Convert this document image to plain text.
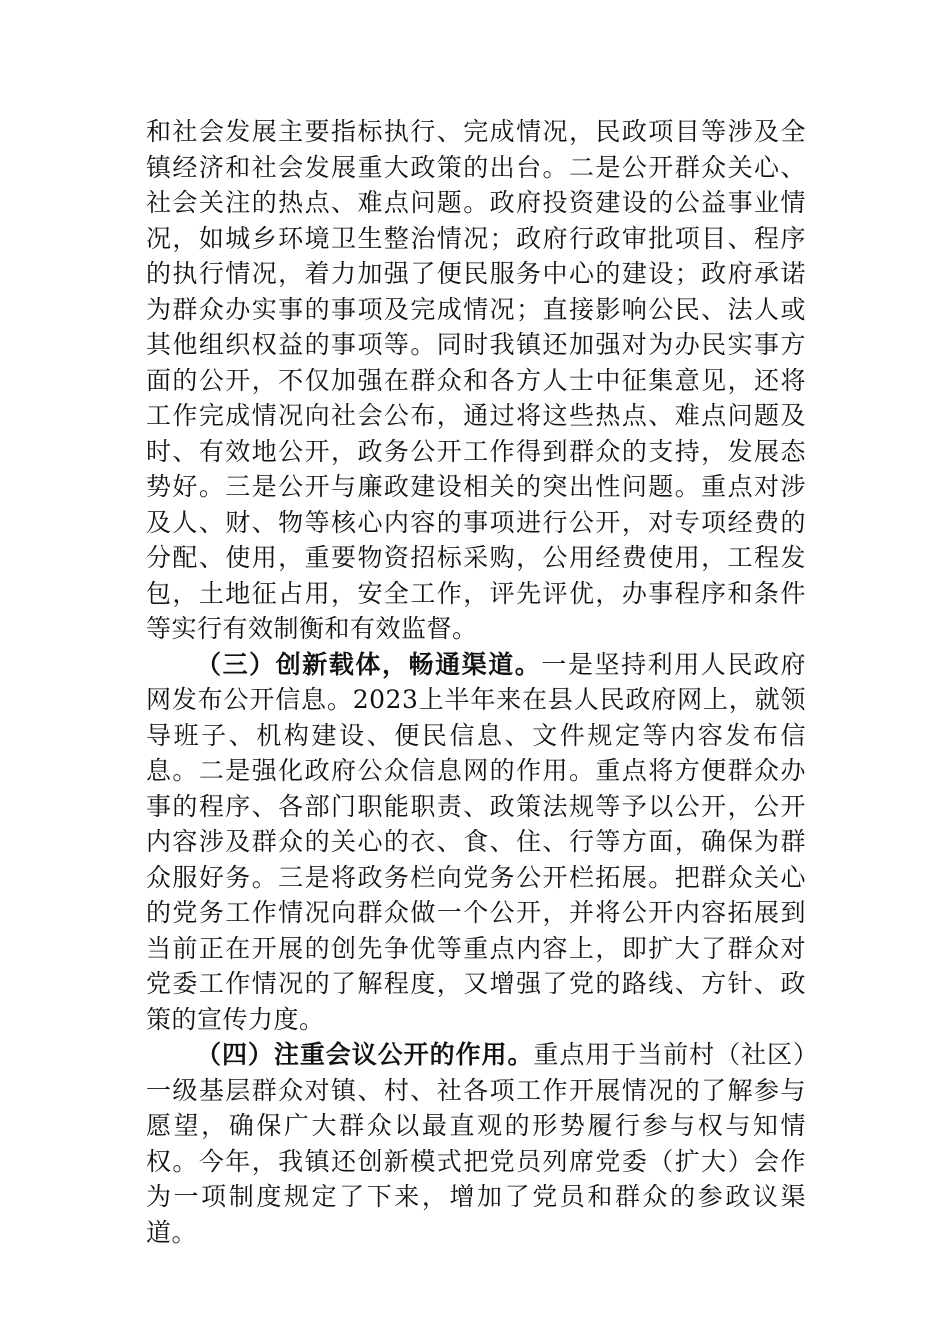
和社会发展主要指标执行、完成情况，民政项目等涉及全镇经济和社会发展重大政策的出台。二是公开群众关心、社会关注的热点、难点问题。政府投资建设的公益事业情况，如城乡环境卫生整治情况；政府行政审批项目、程序的执行情况，着力加强了便民服务中心的建设；政府承诺为群众办实事的事项及完成情况；直接影响公民、法人或其他组织权益的事项等。同时我镇还加强对为办民实事方面的公开，不仅加强在群众和各方人士中征集意见，还将工作完成情况向社会公布，通过将这些热点、难点问题及时、有效地公开，政务公开工作得到群众的支持，发展态势好。三是公开与廉政建设相关的突出性问题。重点对涉及人、财、物等核心内容的事项进行公开，对专项经费的分配、使用，重要物资招标采购，公用经费使用，工程发包，土地征占用，安全工作，评先评优，办事程序和条件等实行有效制衡和有效监督。

（三）创新载体，畅通渠道。一是坚持利用人民政府网发布公开信息。2023上半年来在县人民政府网上，就领导班子、机构建设、便民信息、文件规定等内容发布信息。二是强化政府公众信息网的作用。重点将方便群众办事的程序、各部门职能职责、政策法规等予以公开，公开内容涉及群众的关心的衣、食、住、行等方面，确保为群众服好务。三是将政务栏向党务公开栏拓展。把群众关心的党务工作情况向群众做一个公开，并将公开内容拓展到当前正在开展的创先争优等重点内容上，即扩大了群众对党委工作情况的了解程度，又增强了党的路线、方针、政策的宣传力度。

（四）注重会议公开的作用。重点用于当前村（社区）一级基层群众对镇、村、社各项工作开展情况的了解参与愿望，确保广大群众以最直观的形势履行参与权与知情权。今年，我镇还创新模式把党员列席党委（扩大）会作为一项制度规定了下来，增加了党员和群众的参政议渠道。
